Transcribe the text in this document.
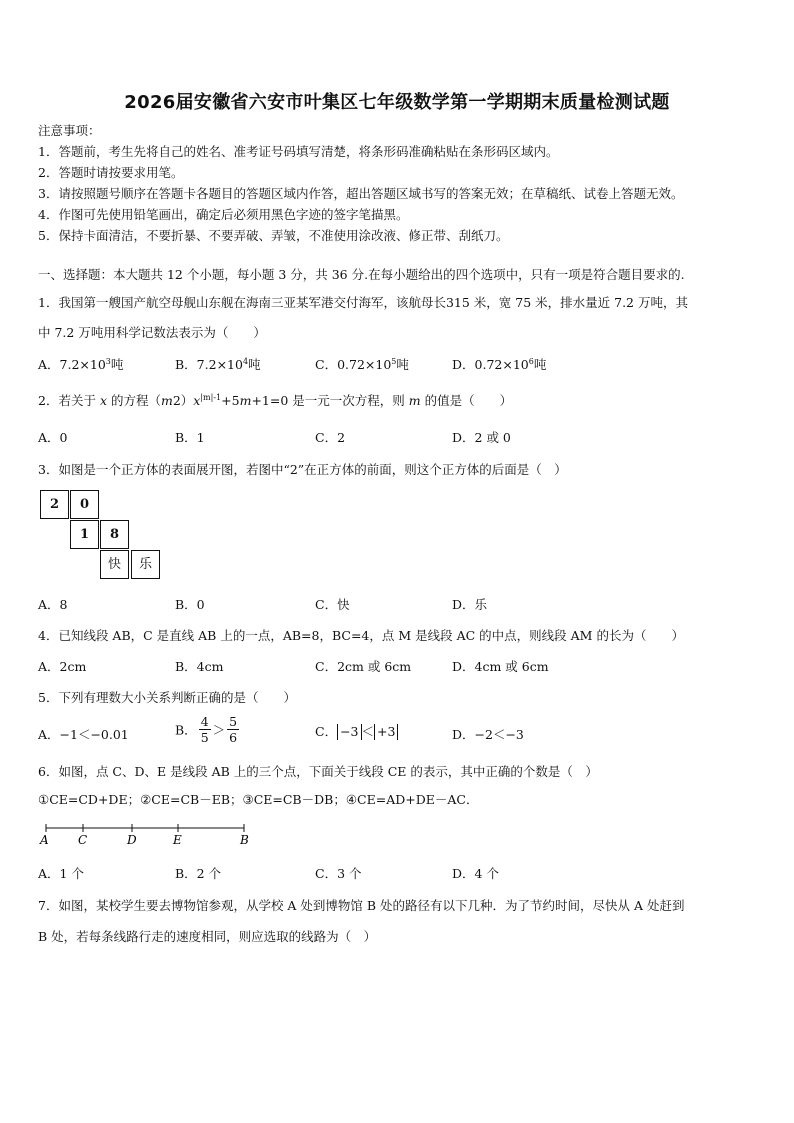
2026届安徽省六安市叶集区七年级数学第一学期期末质量检测试题
注意事项：
1．答题前，考生先将自己的姓名、准考证号码填写清楚，将条形码准确粘贴在条形码区域内。
2．答题时请按要求用笔。
3．请按照题号顺序在答题卡各题目的答题区域内作答，超出答题区域书写的答案无效；在草稿纸、试卷上答题无效。
4．作图可先使用铅笔画出，确定后必须用黑色字迹的签字笔描黑。
5．保持卡面清洁，不要折暴、不要弄破、弄皱，不准使用涂改液、修正带、刮纸刀。
一、选择题：本大题共 12 个小题，每小题 3 分，共 36 分.在每小题给出的四个选项中，只有一项是符合题目要求的.
1．我国第一艘国产航空母舰山东舰在海南三亚某军港交付海军，该航母长315 米，宽 75 米，排水量近 7.2 万吨，其
中 7.2 万吨用科学记数法表示为（　　）
A．$7.2\times 10^3$吨	B．$7.2\times 10^4$吨	C．$0.72\times 10^5$吨	D．$0.72\times 10^6$吨
2．若关于 x 的方程$(m2)x^{|m|-1}+5m+1=0$ 是一元一次方程，则 m 的值是（　　）
A．0	B．1	C．2	D．2 或 0
3．如图是一个正方体的表面展开图，若图中“2”在正方体的前面，则这个正方体的后面是（　）
2	0
1	8
快	乐
A．8	B．0	C．快	D．乐
4．已知线段 AB，C 是直线 AB 上的一点，AB=8，BC=4，点 M 是线段 AC 的中点，则线段 AM 的长为（　　）
A．2cm	B．4cm	C．2cm 或 6cm	D．4cm 或 6cm
5．下列有理数大小关系判断正确的是（　　）
A．−1＜−0.01	B． $\frac{4}{5} > \frac{5}{6}$	C． −3 ＜ +3	D．−2＜−3
6．如图，点 C、D、E 是线段 AB 上的三个点，下面关于线段 CE 的表示，其中正确的个数是（　）
①CE=CD+DE；②CE=CB－EB；③CE=CB－DB；④CE=AD+DE－AC．
A C	D	E	B
A．1 个	B．2 个	C．3 个	D．4 个
7．如图，某校学生要去博物馆参观，从学校 A 处到博物馆 B 处的路径有以下几种．为了节约时间，尽快从 A 处赶到
B 处，若每条线路行走的速度相同，则应选取的线路为（　）
